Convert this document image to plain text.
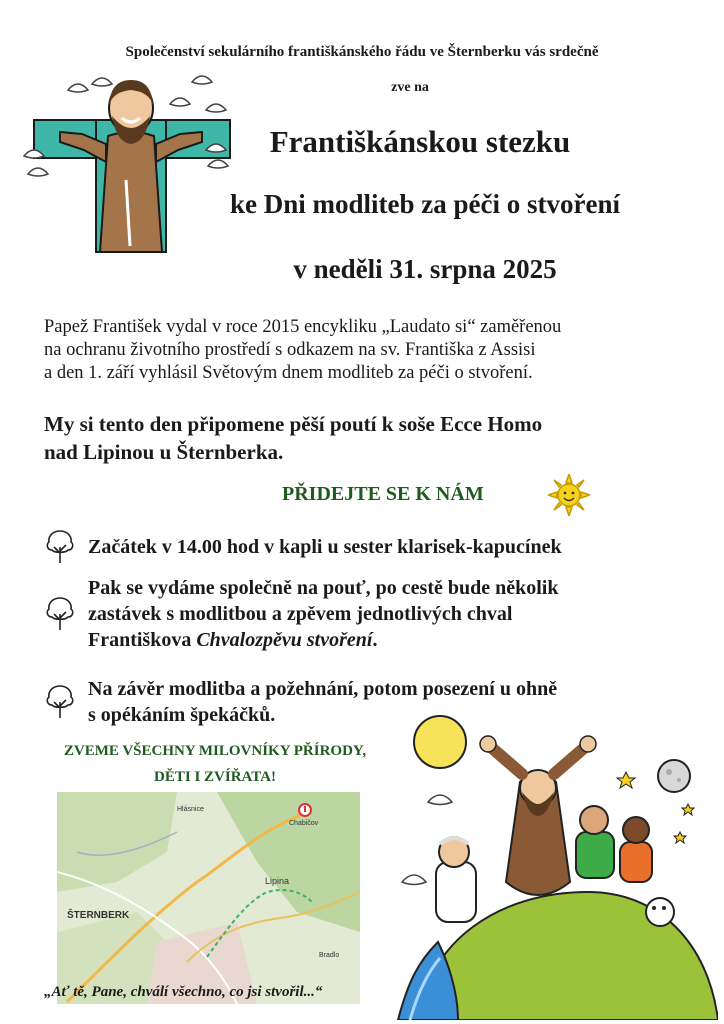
Společenství sekulárního františkánského řádu ve Šternberku vás srdečně
zve na
Františkánskou stezku
ke Dni modliteb za péči o stvoření
v neděli 31. srpna 2025
Papež František vydal v roce 2015 encykliku „Laudato si“ zaměřenou
na ochranu životního prostředí s odkazem na sv. Františka z Assisi
a den 1. září vyhlásil Světovým dnem modliteb za péči o stvoření.
My si tento den připomene pěší poutí k soše Ecce Homo
nad Lipinou u Šternberka.
PŘIDEJTE SE K NÁM
Začátek v 14.00 hod v kapli u sester klarisek-kapucínek
Pak se vydáme společně na pouť, po cestě bude několik
zastávek s modlitbou a zpěvem jednotlivých chval
Františkova Chvalozpěvu stvoření.
Na závěr modlitba a požehnání, potom posezení u ohně
s opékáním špekáčků.
ZVEME VŠECHNY MILOVNÍKY PŘÍRODY,
DĚTI I ZVÍŘATA!
ŠTERNBERK
Lipina
Chabičov
Hlásnice
Bradlo
„Ať tě, Pane, chválí všechno, co jsi stvořil...“
